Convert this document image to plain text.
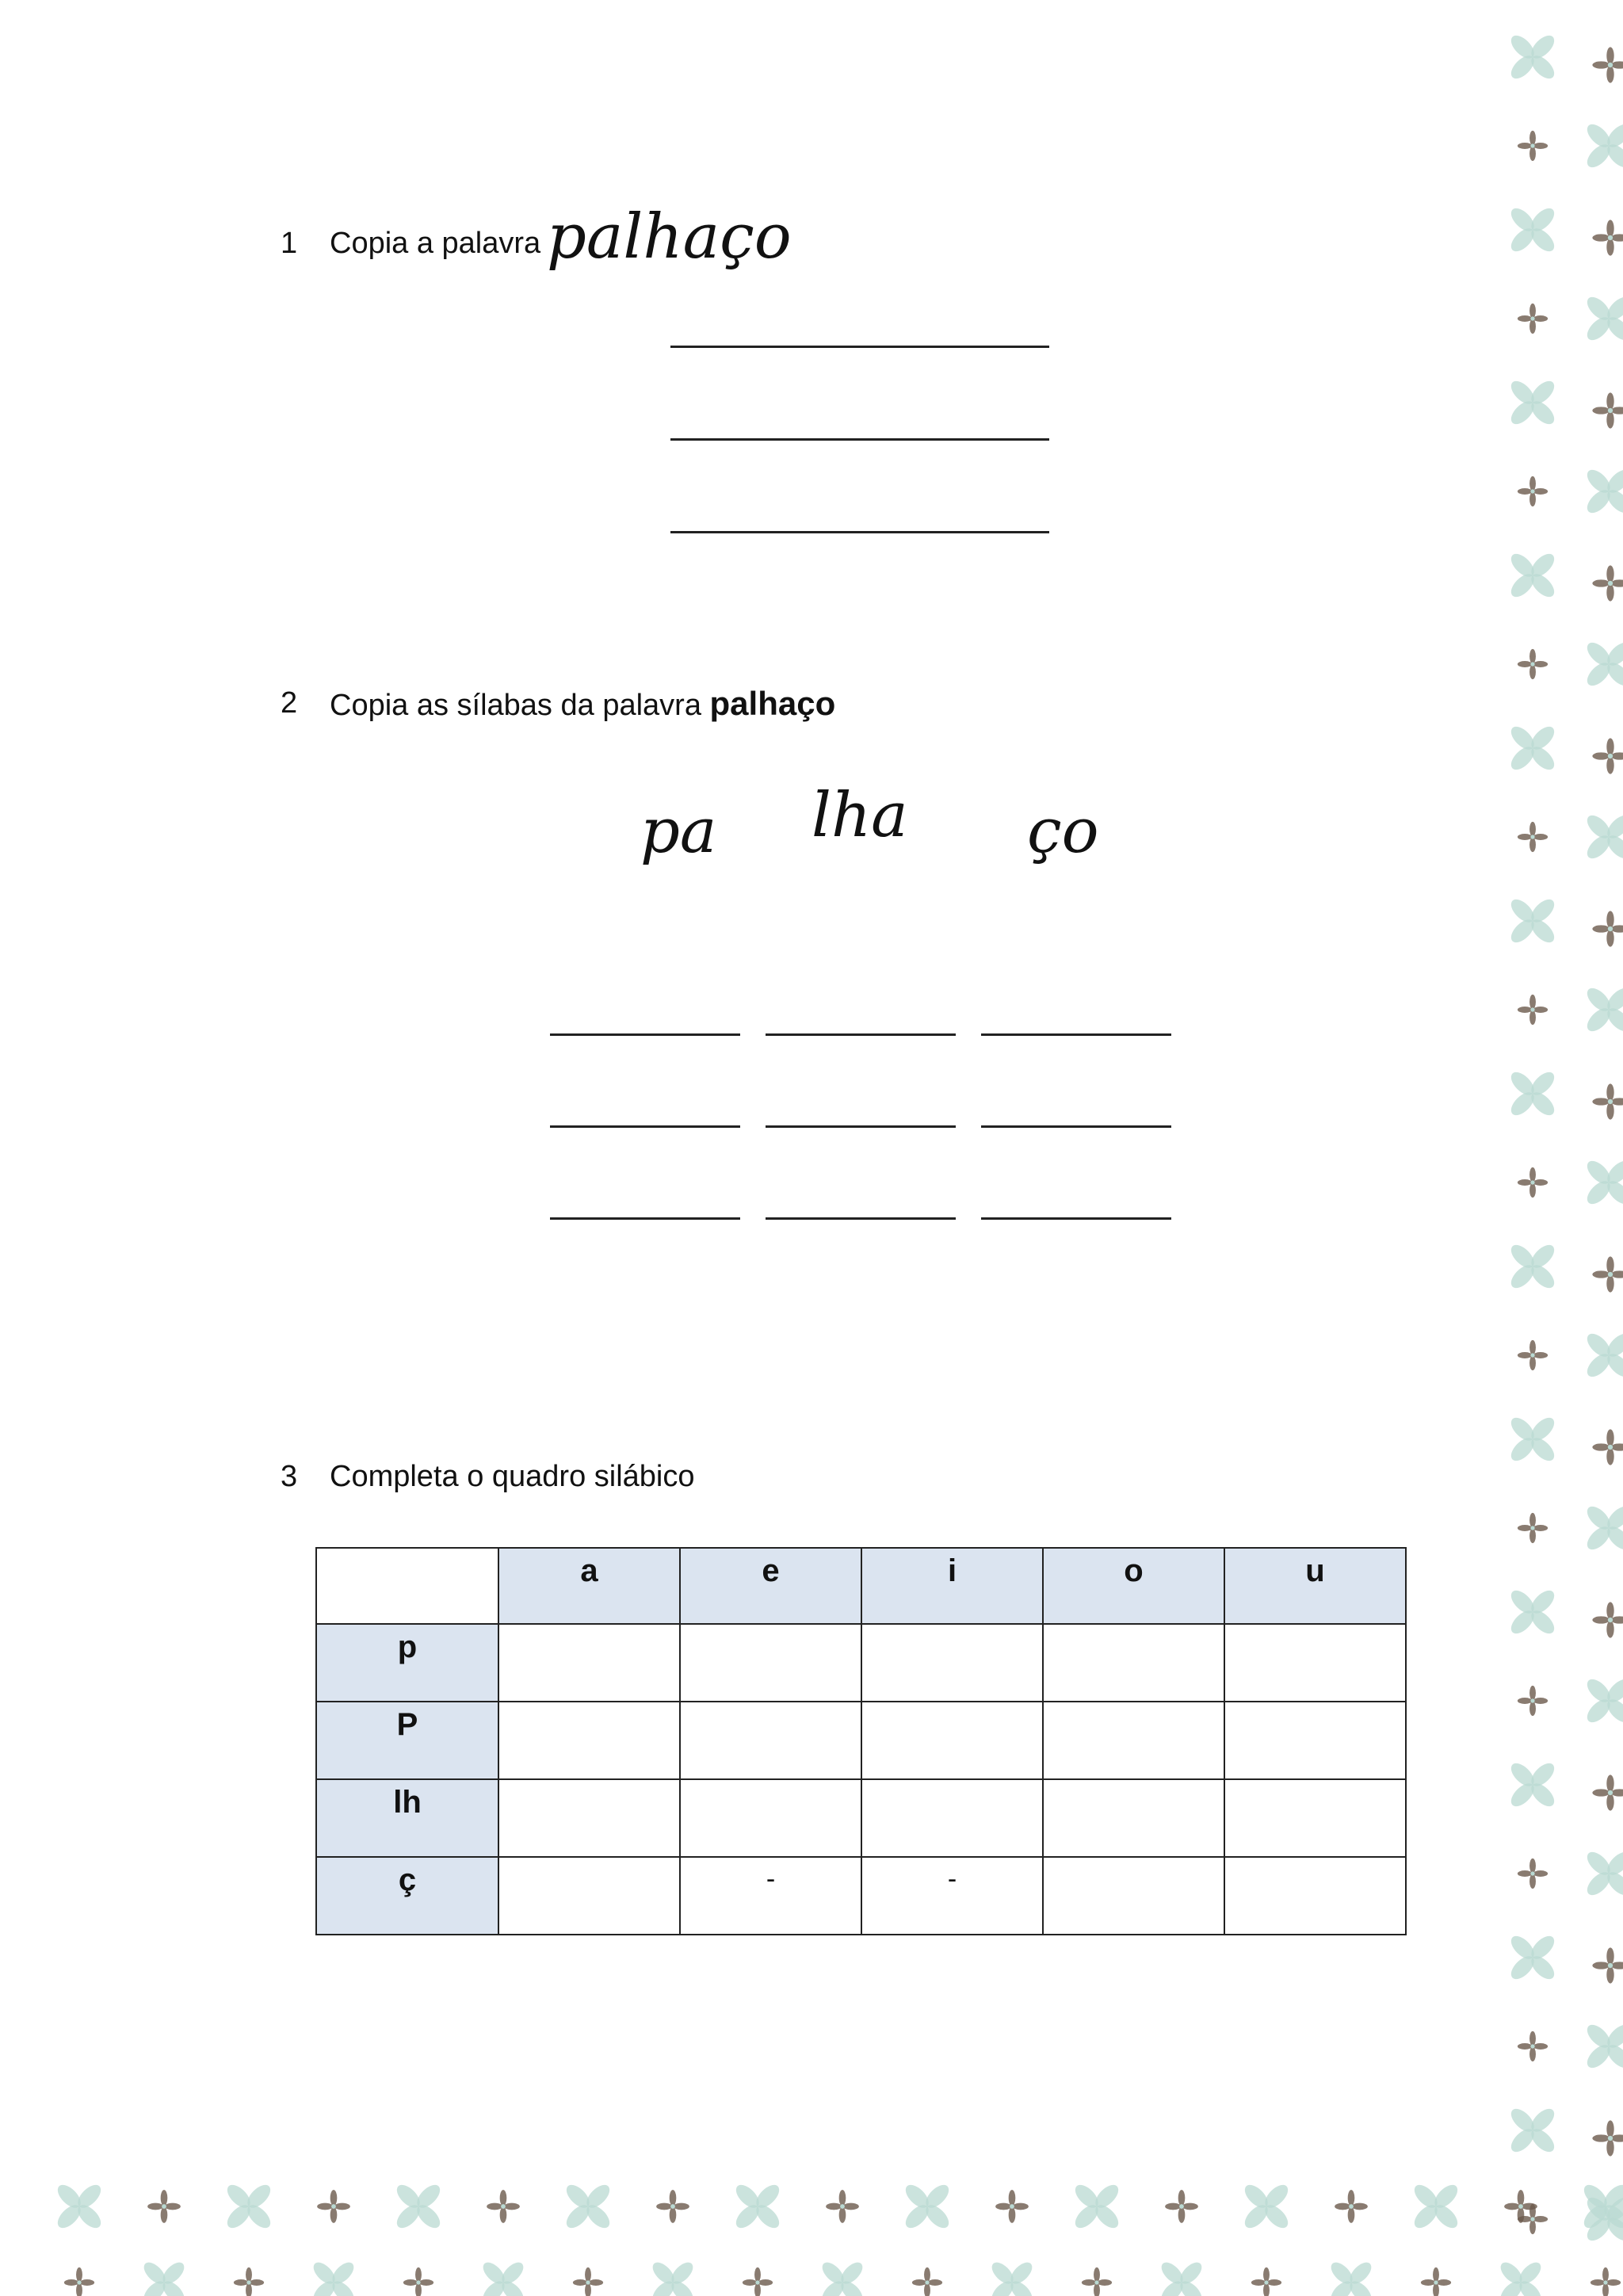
1 Copia a palavra palhaço
2 Copia as sílabas da palavra palhaço
pa lha ço
3 Completa o quadro silábico
	a	e	i	o	u
p					
P					
lh					
ç		-	-		
